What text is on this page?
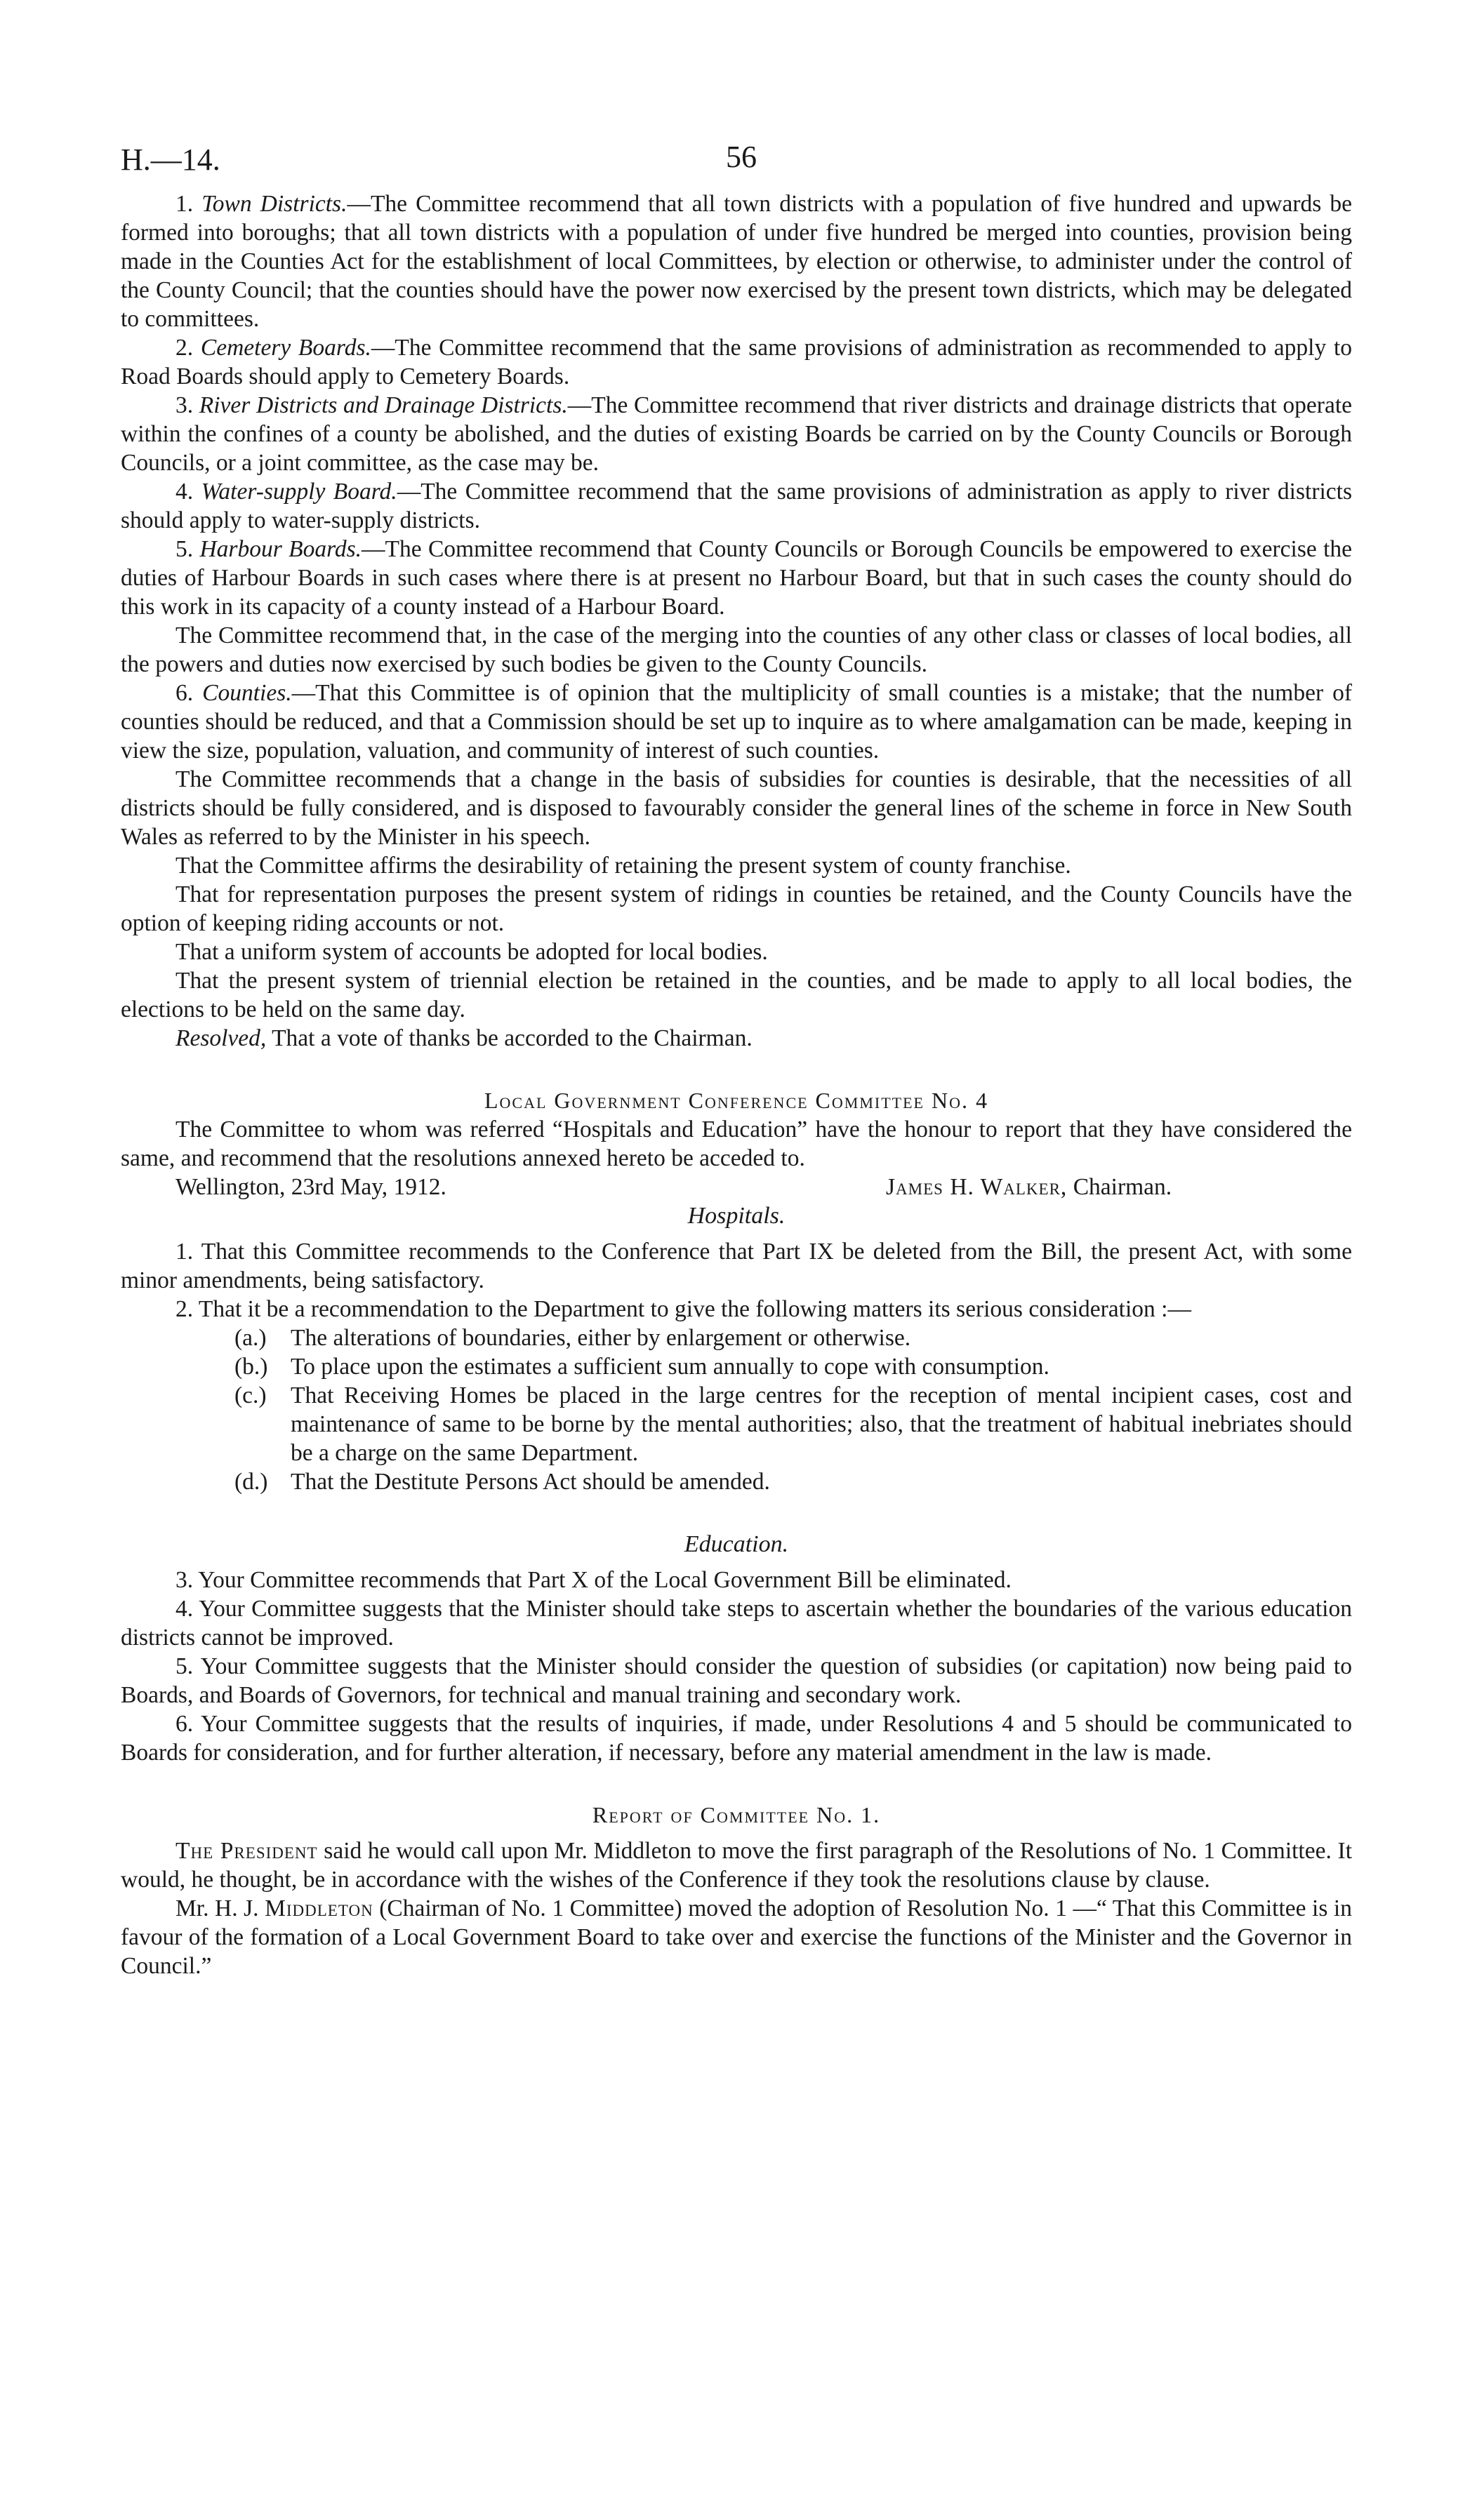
H.—14.	56

1. Town Districts.—The Committee recommend that all town districts with a population of five hundred and upwards be formed into boroughs; that all town districts with a population of under five hundred be merged into counties, provision being made in the Counties Act for the establishment of local Committees, by election or otherwise, to administer under the control of the County Council; that the counties should have the power now exercised by the present town districts, which may be delegated to committees.

2. Cemetery Boards.—The Committee recommend that the same provisions of administration as recommended to apply to Road Boards should apply to Cemetery Boards.

3. River Districts and Drainage Districts.—The Committee recommend that river districts and drainage districts that operate within the confines of a county be abolished, and the duties of existing Boards be carried on by the County Councils or Borough Councils, or a joint committee, as the case may be.

4. Water-supply Board.—The Committee recommend that the same provisions of administration as apply to river districts should apply to water-supply districts.

5. Harbour Boards.—The Committee recommend that County Councils or Borough Councils be empowered to exercise the duties of Harbour Boards in such cases where there is at present no Harbour Board, but that in such cases the county should do this work in its capacity of a county instead of a Harbour Board.

The Committee recommend that, in the case of the merging into the counties of any other class or classes of local bodies, all the powers and duties now exercised by such bodies be given to the County Councils.

6. Counties.—That this Committee is of opinion that the multiplicity of small counties is a mistake; that the number of counties should be reduced, and that a Commission should be set up to inquire as to where amalgamation can be made, keeping in view the size, population, valuation, and community of interest of such counties.

The Committee recommends that a change in the basis of subsidies for counties is desirable, that the necessities of all districts should be fully considered, and is disposed to favourably consider the general lines of the scheme in force in New South Wales as referred to by the Minister in his speech.

That the Committee affirms the desirability of retaining the present system of county franchise.

That for representation purposes the present system of ridings in counties be retained, and the County Councils have the option of keeping riding accounts or not.

That a uniform system of accounts be adopted for local bodies.

That the present system of triennial election be retained in the counties, and be made to apply to all local bodies, the elections to be held on the same day.

Resolved, That a vote of thanks be accorded to the Chairman.

Local Government Conference Committee No. 4

The Committee to whom was referred “Hospitals and Education” have the honour to report that they have considered the same, and recommend that the resolutions annexed hereto be acceded to.

Wellington, 23rd May, 1912.	James H. Walker, Chairman.

Hospitals.

1. That this Committee recommends to the Conference that Part IX be deleted from the Bill, the present Act, with some minor amendments, being satisfactory.

2. That it be a recommendation to the Department to give the following matters its serious consideration :—

(a.) The alterations of boundaries, either by enlargement or otherwise.
(b.) To place upon the estimates a sufficient sum annually to cope with consumption.
(c.) That Receiving Homes be placed in the large centres for the reception of mental incipient cases, cost and maintenance of same to be borne by the mental authorities; also, that the treatment of habitual inebriates should be a charge on the same Department.
(d.) That the Destitute Persons Act should be amended.

Education.

3. Your Committee recommends that Part X of the Local Government Bill be eliminated.

4. Your Committee suggests that the Minister should take steps to ascertain whether the boundaries of the various education districts cannot be improved.

5. Your Committee suggests that the Minister should consider the question of subsidies (or capitation) now being paid to Boards, and Boards of Governors, for technical and manual training and secondary work.

6. Your Committee suggests that the results of inquiries, if made, under Resolutions 4 and 5 should be communicated to Boards for consideration, and for further alteration, if necessary, before any material amendment in the law is made.

Report of Committee No. 1.

The President said he would call upon Mr. Middleton to move the first paragraph of the Resolutions of No. 1 Committee. It would, he thought, be in accordance with the wishes of the Conference if they took the resolutions clause by clause.

Mr. H. J. Middleton (Chairman of No. 1 Committee) moved the adoption of Resolution No. 1 —“ That this Committee is in favour of the formation of a Local Government Board to take over and exercise the functions of the Minister and the Governor in Council.”
